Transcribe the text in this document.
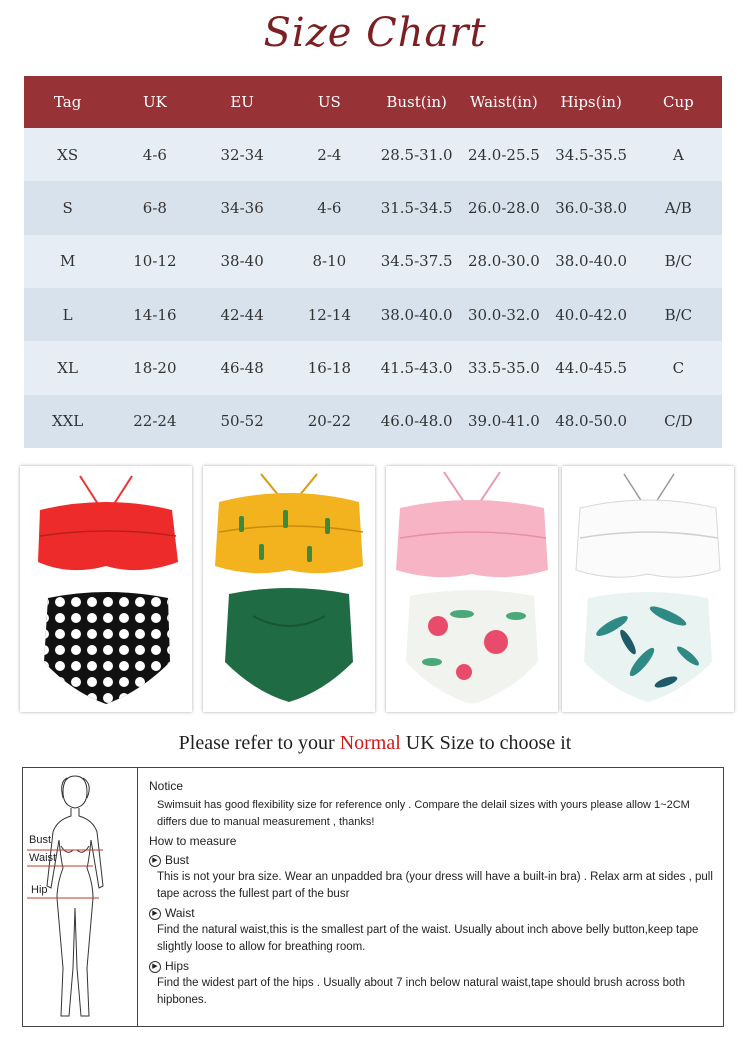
Size Chart
Tag	UK	EU	US	Bust(in)	Waist(in)	Hips(in)	Cup
XS	4-6	32-34	2-4	28.5-31.0	24.0-25.5	34.5-35.5	A
S	6-8	34-36	4-6	31.5-34.5	26.0-28.0	36.0-38.0	A/B
M	10-12	38-40	8-10	34.5-37.5	28.0-30.0	38.0-40.0	B/C
L	14-16	42-44	12-14	38.0-40.0	30.0-32.0	40.0-42.0	B/C
XL	18-20	46-48	16-18	41.5-43.0	33.5-35.0	44.0-45.5	C
XXL	22-24	50-52	20-22	46.0-48.0	39.0-41.0	48.0-50.0	C/D
Please refer to your Normal UK Size to choose it
Bust
Waist
Hip
Notice
Swimsuit has good flexibility size for reference only . Compare the delail sizes with yours please allow 1~2CM differs due to manual measurement , thanks!
How to measure
▶ Bust
This is not your bra size. Wear an unpadded bra (your dress will have a built-in bra) . Relax arm at sides , pull tape across the fullest part of the busr
▶ Waist
Find the natural waist,this is the smallest part of the waist. Usually about inch above belly button,keep tape slightly loose to allow for breathing room.
▶ Hips
Find the widest part of the hips . Usually about 7 inch below natural waist,tape should brush across both hipbones.
